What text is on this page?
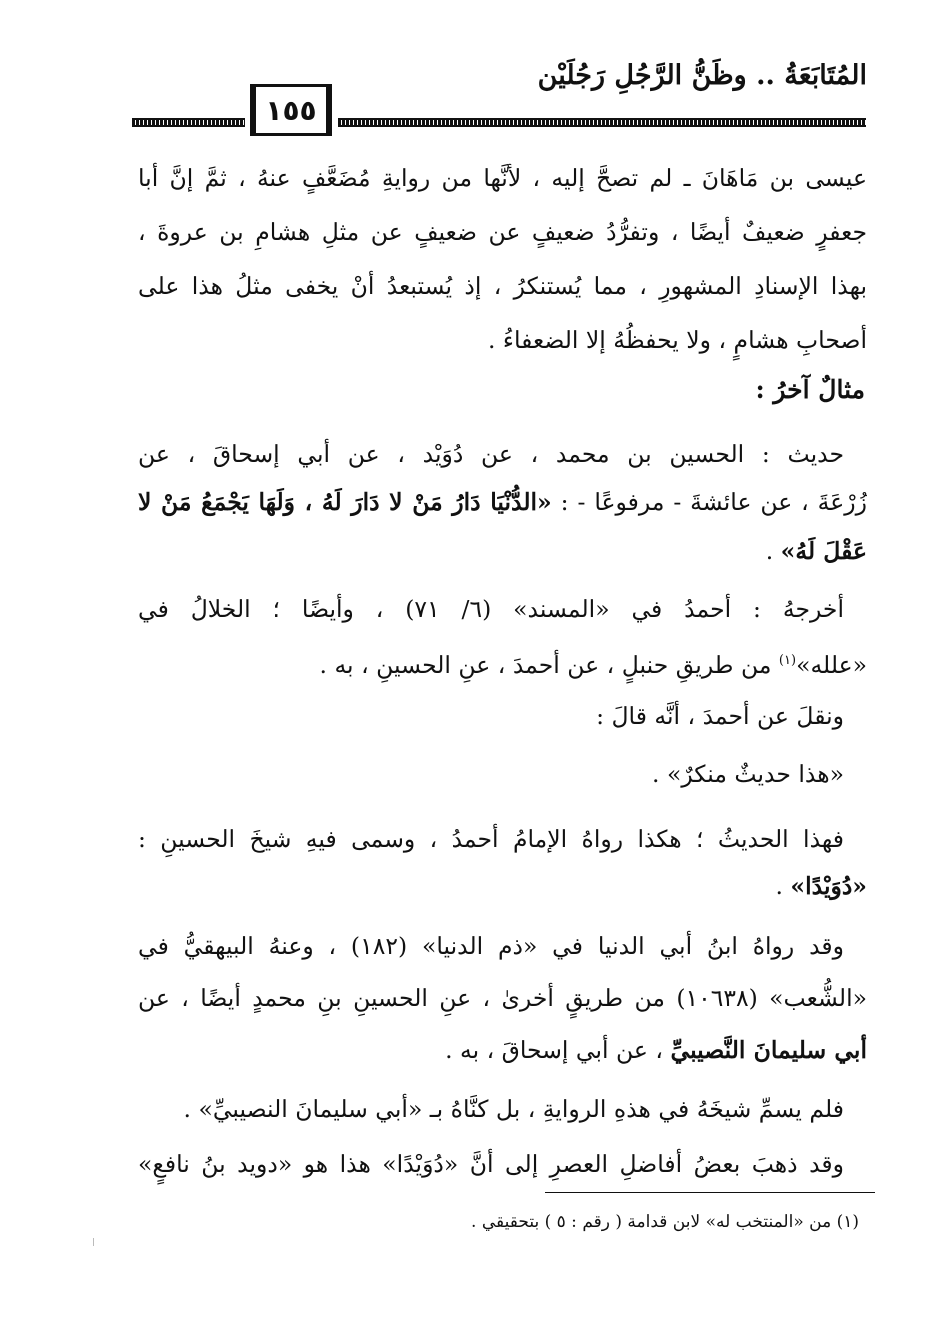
المُتَابَعَةُ .. وظَنُّ الرَّجُلِ رَجُلَيْن
١٥٥
عيسى بن مَاهَانَ ـ لم تصحَّ إليه ، لأنَّها من روايةِ مُضَعَّفٍ عنهُ ، ثمَّ إنَّ أبا
جعفرٍ ضعيفٌ أيضًا ، وتفرُّدُ ضعيفٍ عن ضعيفٍ عن مثلِ هشامِ بن عروةَ ،
بهذا الإسنادِ المشهورِ ، مما يُستنكرُ ، إذ يُستبعدُ أنْ يخفى مثلُ هذا على
أصحابِ هشامٍ ، ولا يحفظُهُ إلا الضعفاءُ .
مثالٌ آخرُ :
حديث : الحسين بن محمد ، عن دُوَيْد ، عن أبي إسحاقَ ، عن
زُرْعَةَ ، عن عائشةَ - مرفوعًا - : «الدُّنْيَا دَارُ مَنْ لا دَارَ لَهُ ، وَلَهَا يَجْمَعُ مَنْ لا
عَقْلَ لَهُ» .
أخرجهُ : أحمدُ في «المسند» (٦/ ٧١) ، وأيضًا ؛ الخلالُ في
«علله»$^{(١)}$ من طريقِ حنبلٍ ، عن أحمدَ ، عنِ الحسينِ ، به .
ونقلَ عن أحمدَ ، أنَّه قالَ :
«هذا حديثٌ منكرٌ» .
فهذا الحديثُ ؛ هكذا رواهُ الإمامُ أحمدُ ، وسمى فيهِ شيخَ الحسينِ :
«دُوَيْدًا» .
وقد رواهُ ابنُ أبي الدنيا في «ذم الدنيا» (١٨٢) ، وعنهُ البيهقيُّ في
«الشُّعب» (١٠٦٣٨) من طريقٍ أخرىٰ ، عنِ الحسينِ بنِ محمدٍ أيضًا ، عن
أبي سليمانَ النَّصيبيِّ ، عن أبي إسحاقَ ، به .
فلم يسمِّ شيخَهُ في هذهِ الروايةِ ، بل كنَّاهُ بـ «أبي سليمانَ النصيبيِّ» .
وقد ذهبَ بعضُ أفاضلِ العصرِ إلى أنَّ «دُوَيْدًا» هذا هو «دويد بنُ نافعٍ»
(١) من «المنتخب له» لابن قدامة ( رقم : ٥ ) بتحقيقي .
